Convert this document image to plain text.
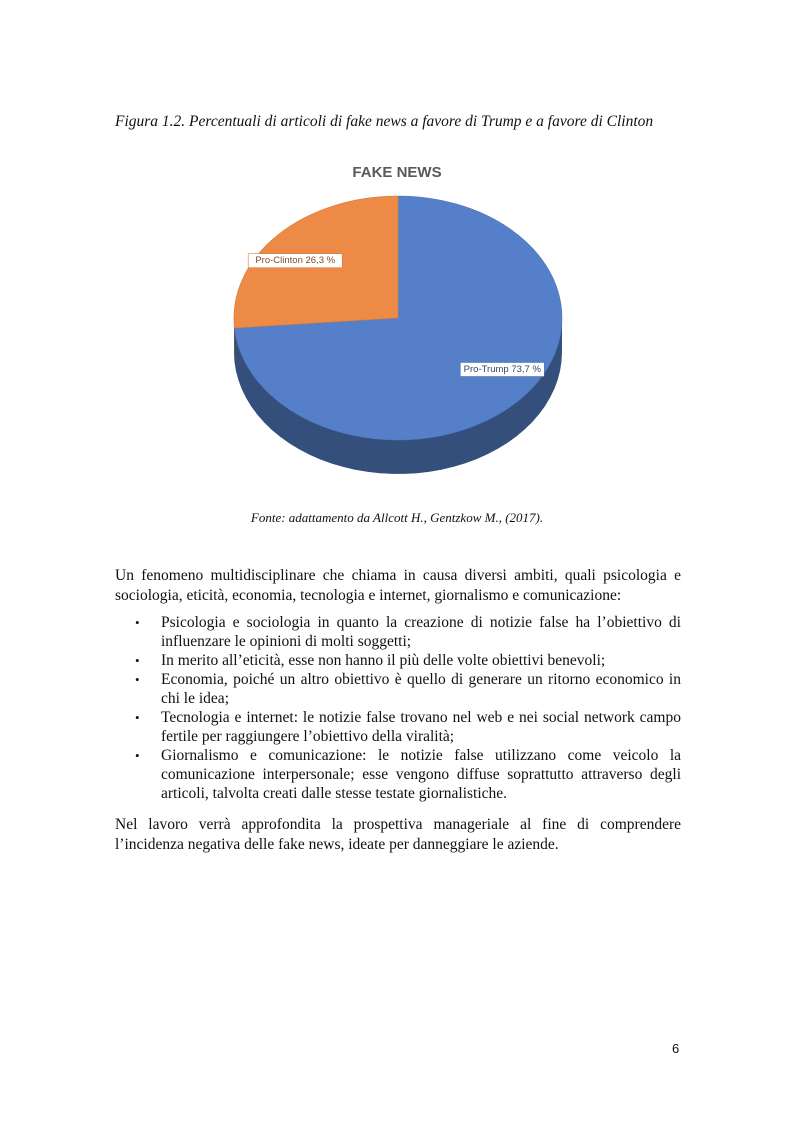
Figura 1.2. Percentuali di articoli di fake news a favore di Trump e a favore di Clinton
FAKE NEWS
Pro-Trump 73,7 %
Pro-Clinton 26,3 %
Fonte: adattamento da Allcott H., Gentzkow M., (2017).
Un fenomeno multidisciplinare che chiama in causa diversi ambiti, quali psicologia e sociologia, eticità, economia, tecnologia e internet, giornalismo e comunicazione:
• Psicologia e sociologia in quanto la creazione di notizie false ha l’obiettivo di influenzare le opinioni di molti soggetti;
• In merito all’eticità, esse non hanno il più delle volte obiettivi benevoli;
• Economia, poiché un altro obiettivo è quello di generare un ritorno economico in chi le idea;
• Tecnologia e internet: le notizie false trovano nel web e nei social network campo fertile per raggiungere l’obiettivo della viralità;
• Giornalismo e comunicazione: le notizie false utilizzano come veicolo la comunicazione interpersonale; esse vengono diffuse soprattutto attraverso degli articoli, talvolta creati dalle stesse testate giornalistiche.
Nel lavoro verrà approfondita la prospettiva manageriale al fine di comprendere l’incidenza negativa delle fake news, ideate per danneggiare le aziende.
6
